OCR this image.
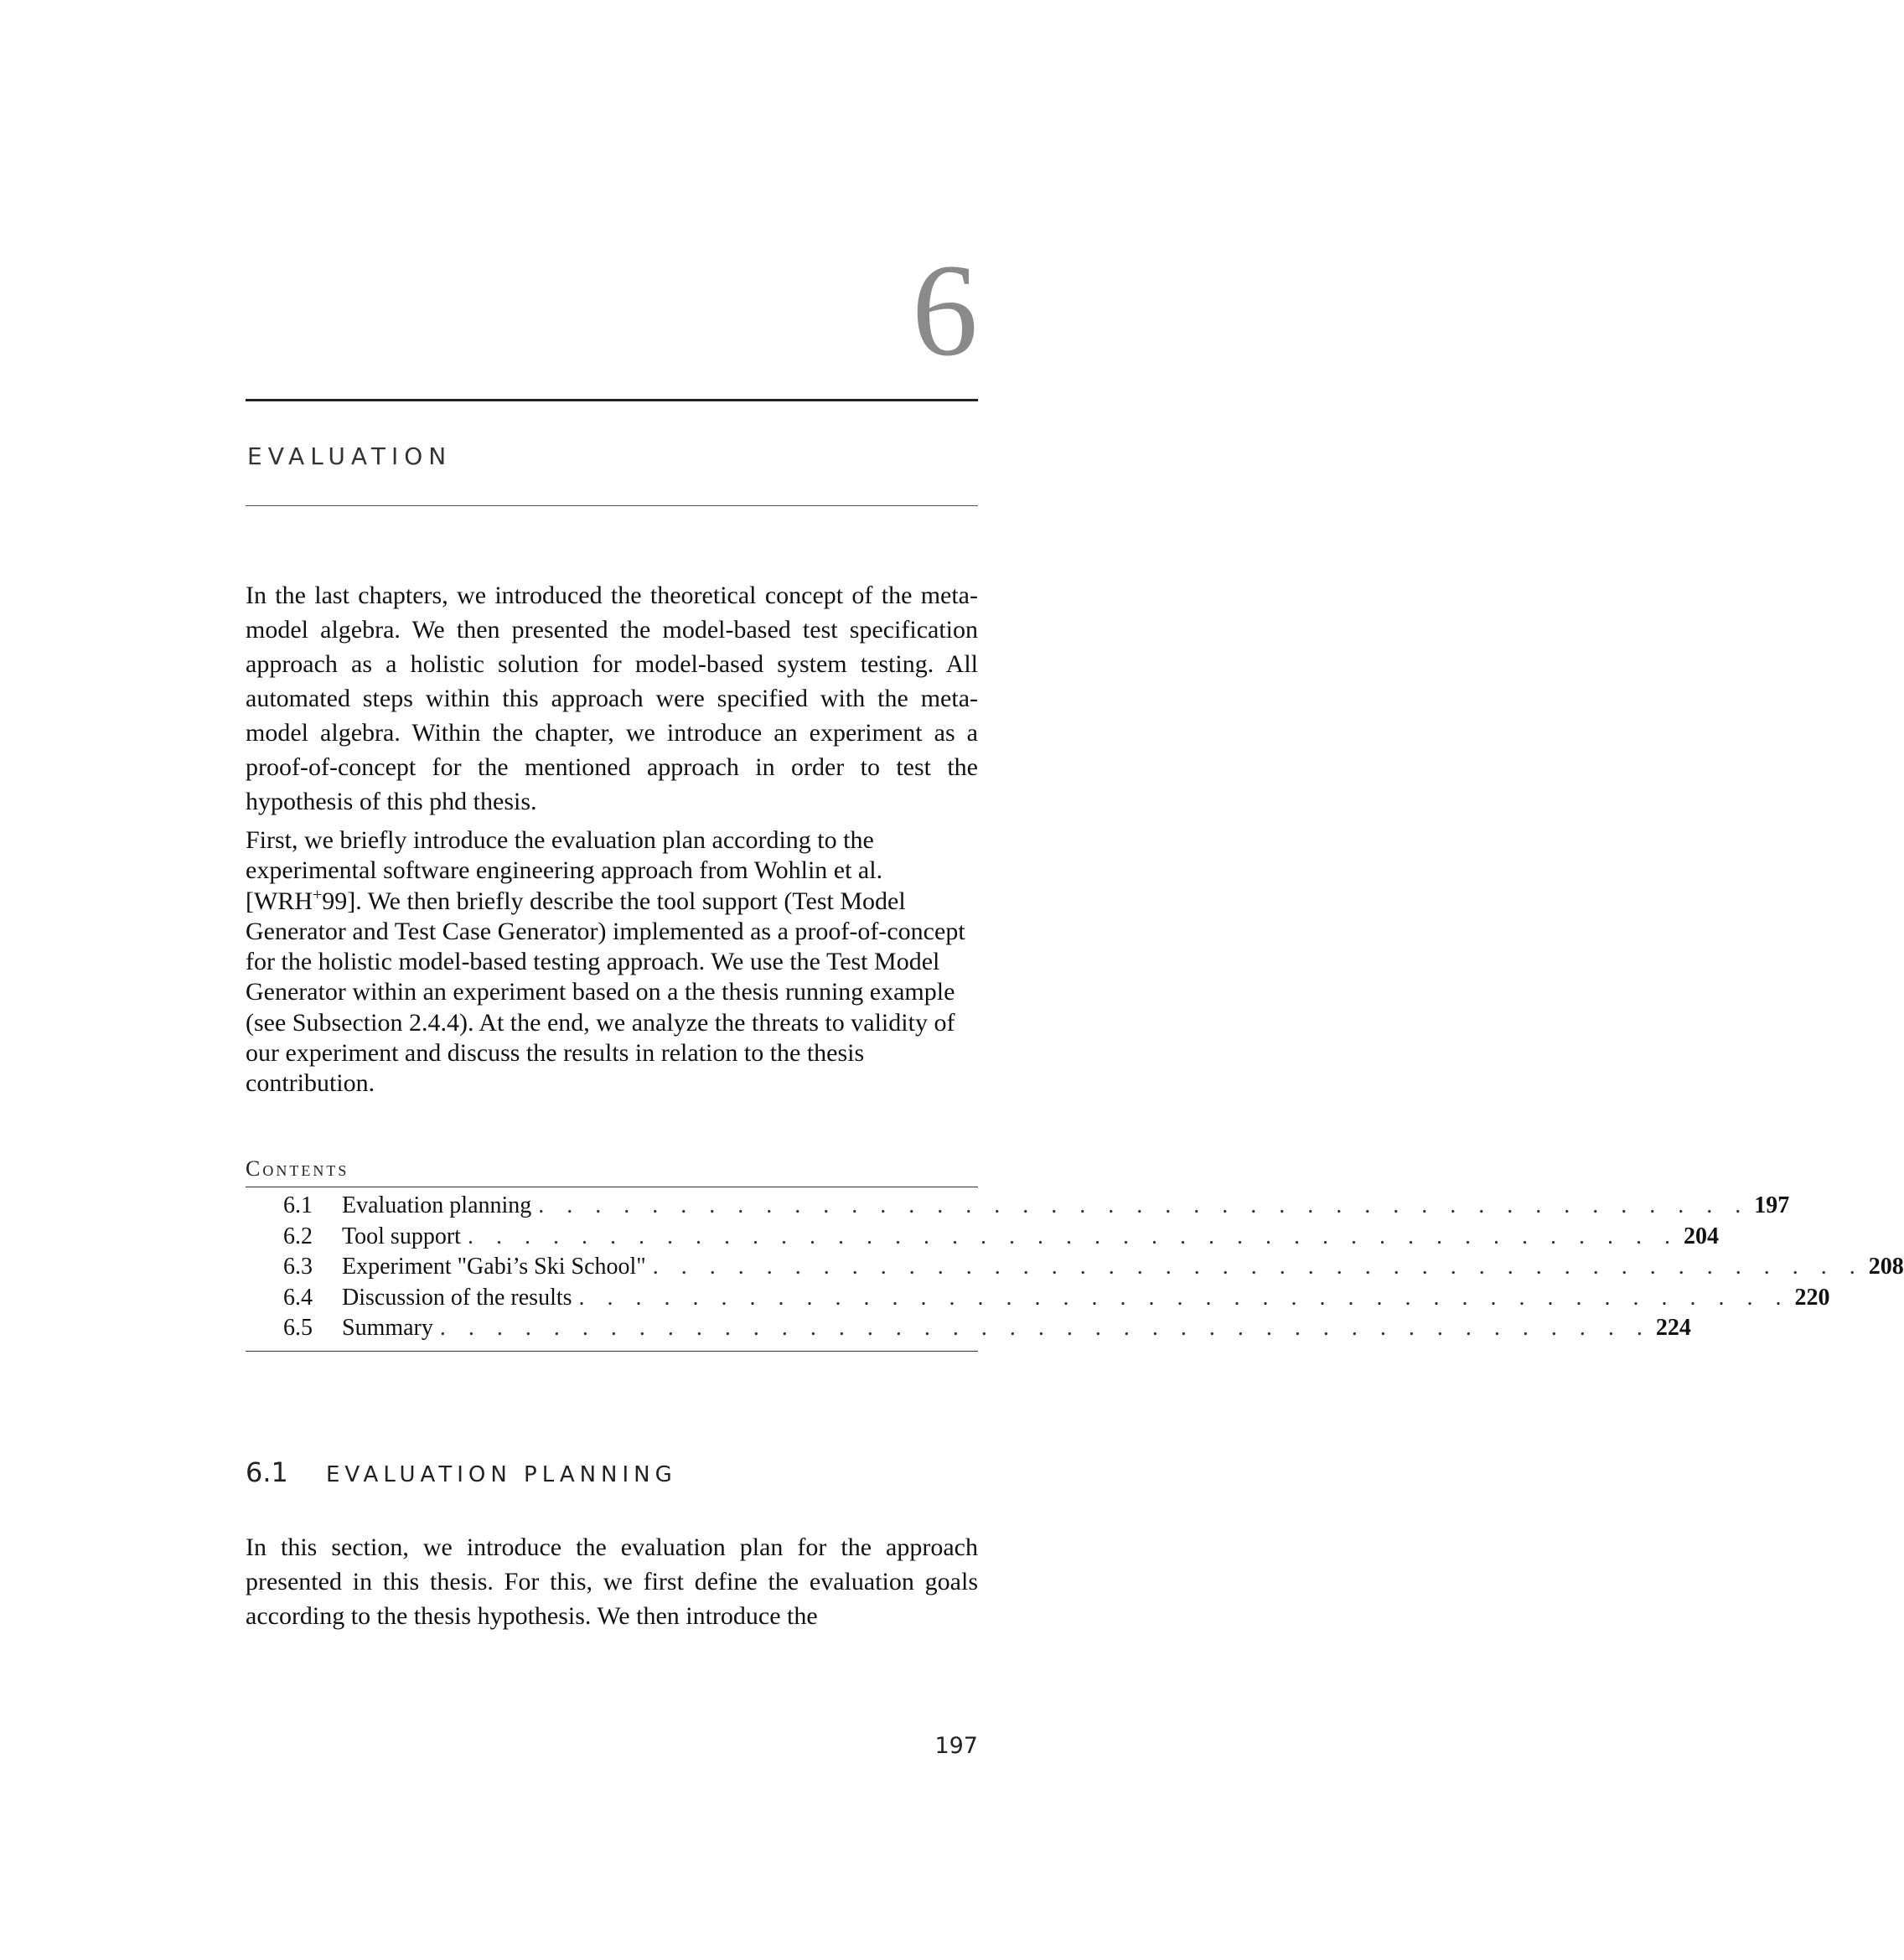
6
EVALUATION

In the last chapters, we introduced the theoretical concept of the meta-model algebra. We then presented the model-based test specification approach as a holistic solution for model-based system testing. All automated steps within this approach were specified with the meta-model algebra. Within the chapter, we introduce an experiment as a proof-of-concept for the mentioned approach in order to test the hypothesis of this phd thesis.

First, we briefly introduce the evaluation plan according to the experimental software engineering approach from Wohlin et al. [WRH+99]. We then briefly describe the tool support (Test Model Generator and Test Case Generator) implemented as a proof-of-concept for the holistic model-based testing approach. We use the Test Model Generator within an experiment based on a the thesis running example (see Subsection 2.4.4). At the end, we analyze the threats to validity of our experiment and discuss the results in relation to the thesis contribution.

Contents
6.1	Evaluation planning . . . . . . . . . . . . . . . . . . . . . . . . . . . . . . . . . . . . . . . . . . . 197
6.2	Tool support . . . . . . . . . . . . . . . . . . . . . . . . . . . . . . . . . . . . . . . . . . . 204
6.3	Experiment "Gabi’s Ski School" . . . . . . . . . . . . . . . . . . . . . . . . . . . . . . . . . . . . . . . . . . . 208
6.4	Discussion of the results . . . . . . . . . . . . . . . . . . . . . . . . . . . . . . . . . . . . . . . . . . . 220
6.5	Summary . . . . . . . . . . . . . . . . . . . . . . . . . . . . . . . . . . . . . . . . . . . 224
6.1 EVALUATION PLANNING

In this section, we introduce the evaluation plan for the approach presented in this thesis. For this, we first define the evaluation goals according to the thesis hypothesis. We then introduce the

197
